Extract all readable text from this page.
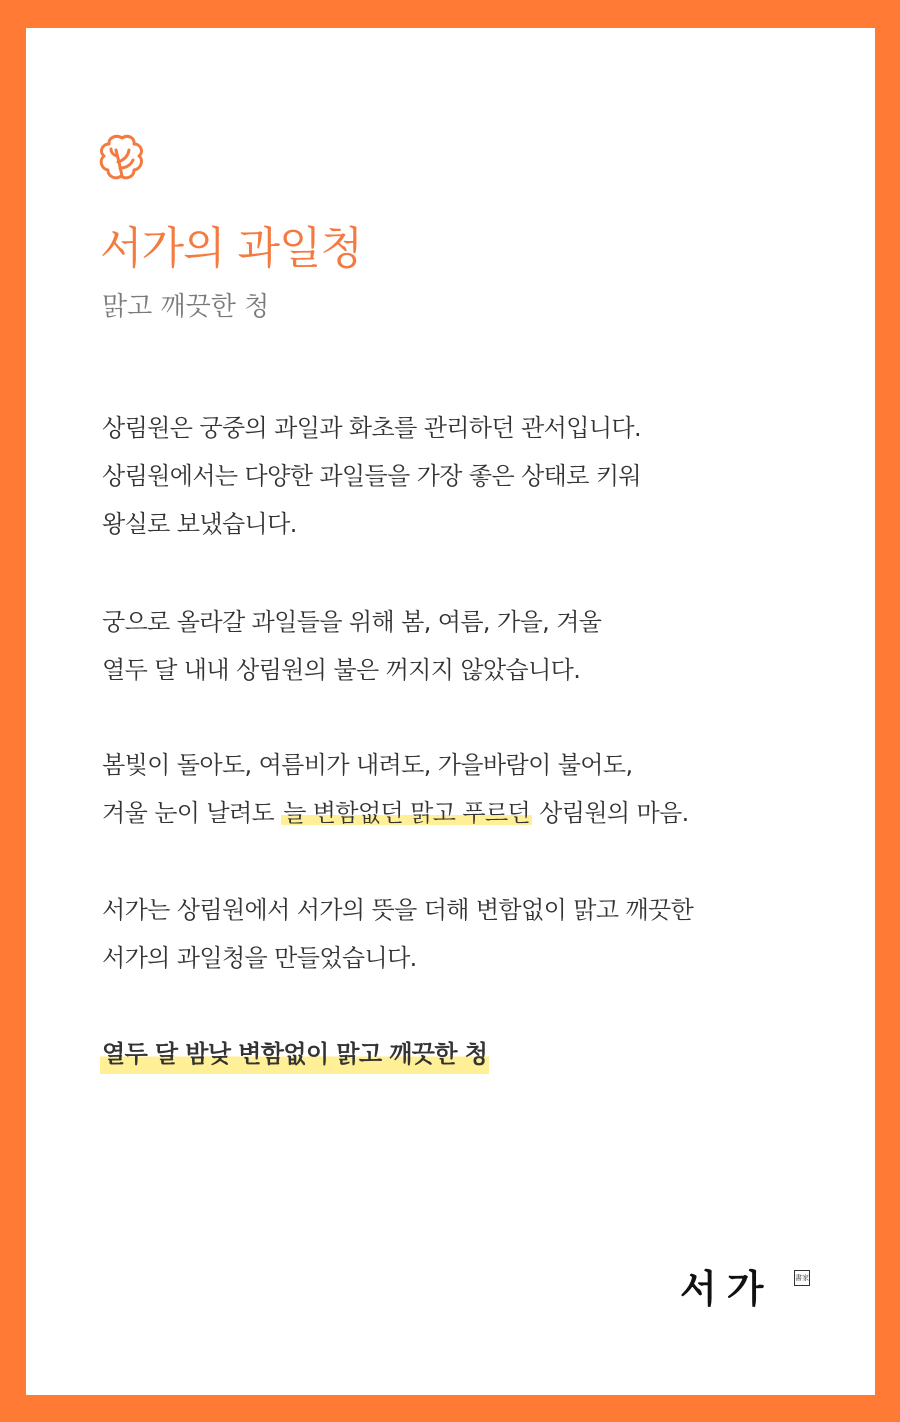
서가의 과일청
맑고 깨끗한 청
상림원은 궁중의 과일과 화초를 관리하던 관서입니다.
상림원에서는 다양한 과일들을 가장 좋은 상태로 키워
왕실로 보냈습니다.
궁으로 올라갈 과일들을 위해 봄, 여름, 가을, 겨울
열두 달 내내 상림원의 불은 꺼지지 않았습니다.
봄빛이 돌아도, 여름비가 내려도, 가을바람이 불어도,
겨울 눈이 날려도 늘 변함없던 맑고 푸르던 상림원의 마음.
서가는 상림원에서 서가의 뜻을 더해 변함없이 맑고 깨끗한
서가의 과일청을 만들었습니다.
열두 달 밤낮 변함없이 맑고 깨끗한 청
서가	書家
